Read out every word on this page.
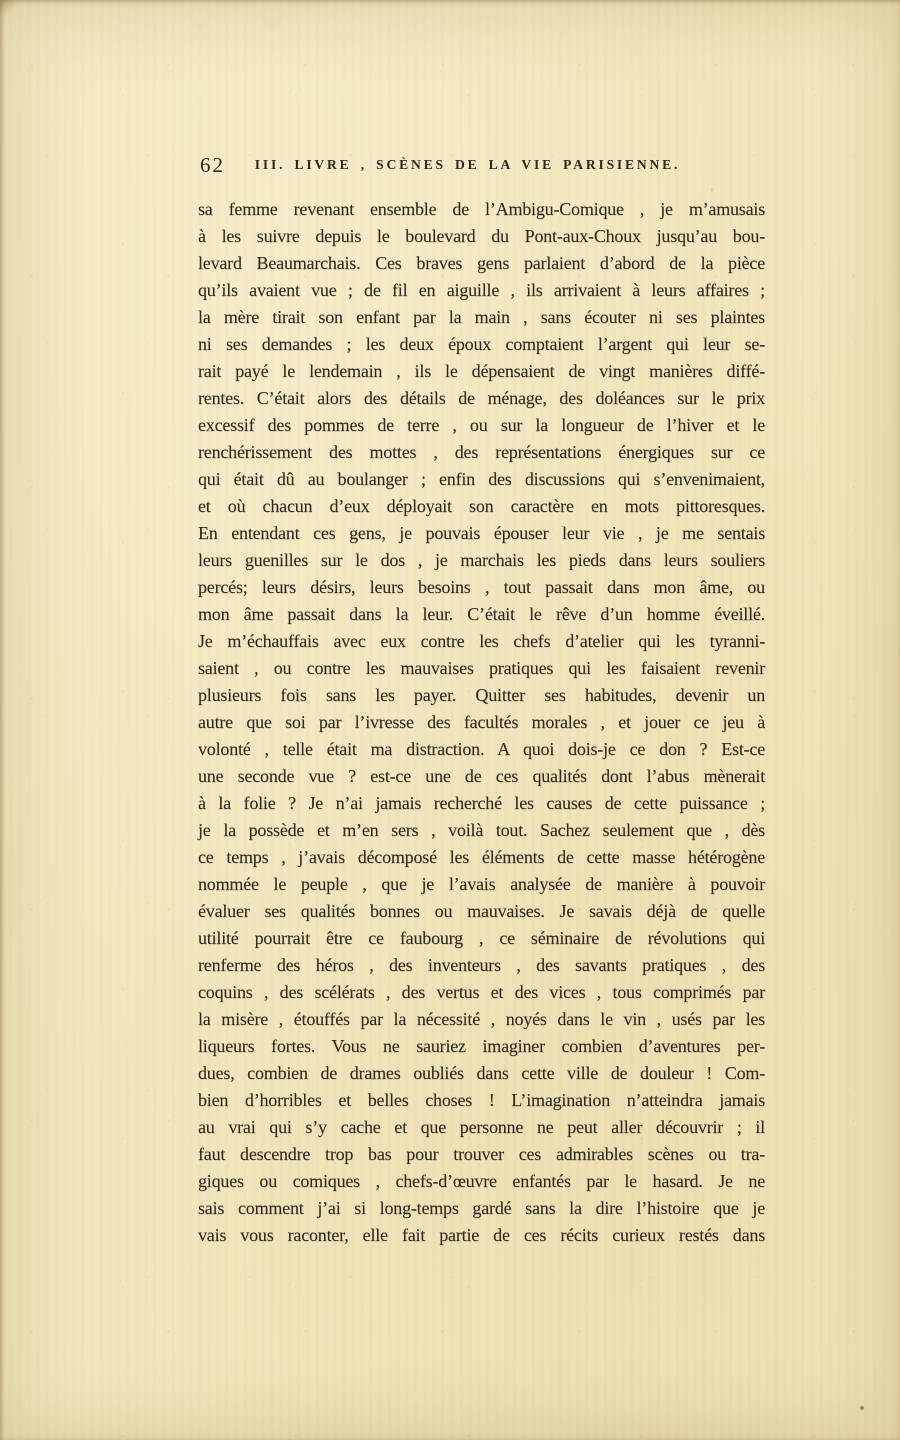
62	III. LIVRE , SCÈNES DE LA VIE PARISIENNE.
sa femme revenant ensemble de l’Ambigu-Comique , je m’amusais
à les suivre depuis le boulevard du Pont-aux-Choux jusqu’au bou-
levard Beaumarchais. Ces braves gens parlaient d’abord de la pièce
qu’ils avaient vue ; de fil en aiguille , ils arrivaient à leurs affaires ;
la mère tirait son enfant par la main , sans écouter ni ses plaintes
ni ses demandes ; les deux époux comptaient l’argent qui leur se-
rait payé le lendemain , ils le dépensaient de vingt manières diffé-
rentes. C’était alors des détails de ménage, des doléances sur le prix
excessif des pommes de terre , ou sur la longueur de l’hiver et le
renchérissement des mottes , des représentations énergiques sur ce
qui était dû au boulanger ; enfin des discussions qui s’envenimaient,
et où chacun d’eux déployait son caractère en mots pittoresques.
En entendant ces gens, je pouvais épouser leur vie , je me sentais
leurs guenilles sur le dos , je marchais les pieds dans leurs souliers
percés; leurs désirs, leurs besoins , tout passait dans mon âme, ou
mon âme passait dans la leur. C’était le rêve d’un homme éveillé.
Je m’échauffais avec eux contre les chefs d’atelier qui les tyranni-
saient , ou contre les mauvaises pratiques qui les faisaient revenir
plusieurs fois sans les payer. Quitter ses habitudes, devenir un
autre que soi par l’ivresse des facultés morales , et jouer ce jeu à
volonté , telle était ma distraction. A quoi dois-je ce don ? Est-ce
une seconde vue ? est-ce une de ces qualités dont l’abus mènerait
à la folie ? Je n’ai jamais recherché les causes de cette puissance ;
je la possède et m’en sers , voilà tout. Sachez seulement que , dès
ce temps , j’avais décomposé les éléments de cette masse hétérogène
nommée le peuple , que je l’avais analysée de manière à pouvoir
évaluer ses qualités bonnes ou mauvaises. Je savais déjà de quelle
utilité pourrait être ce faubourg , ce séminaire de révolutions qui
renferme des héros , des inventeurs , des savants pratiques , des
coquins , des scélérats , des vertus et des vices , tous comprimés par
la misère , étouffés par la nécessité , noyés dans le vin , usés par les
liqueurs fortes. Vous ne sauriez imaginer combien d’aventures per-
dues, combien de drames oubliés dans cette ville de douleur ! Com-
bien d’horribles et belles choses ! L’imagination n’atteindra jamais
au vrai qui s’y cache et que personne ne peut aller découvrir ; il
faut descendre trop bas pour trouver ces admirables scènes ou tra-
giques ou comiques , chefs-d’œuvre enfantés par le hasard. Je ne
sais comment j’ai si long-temps gardé sans la dire l’histoire que je
vais vous raconter, elle fait partie de ces récits curieux restés dans
